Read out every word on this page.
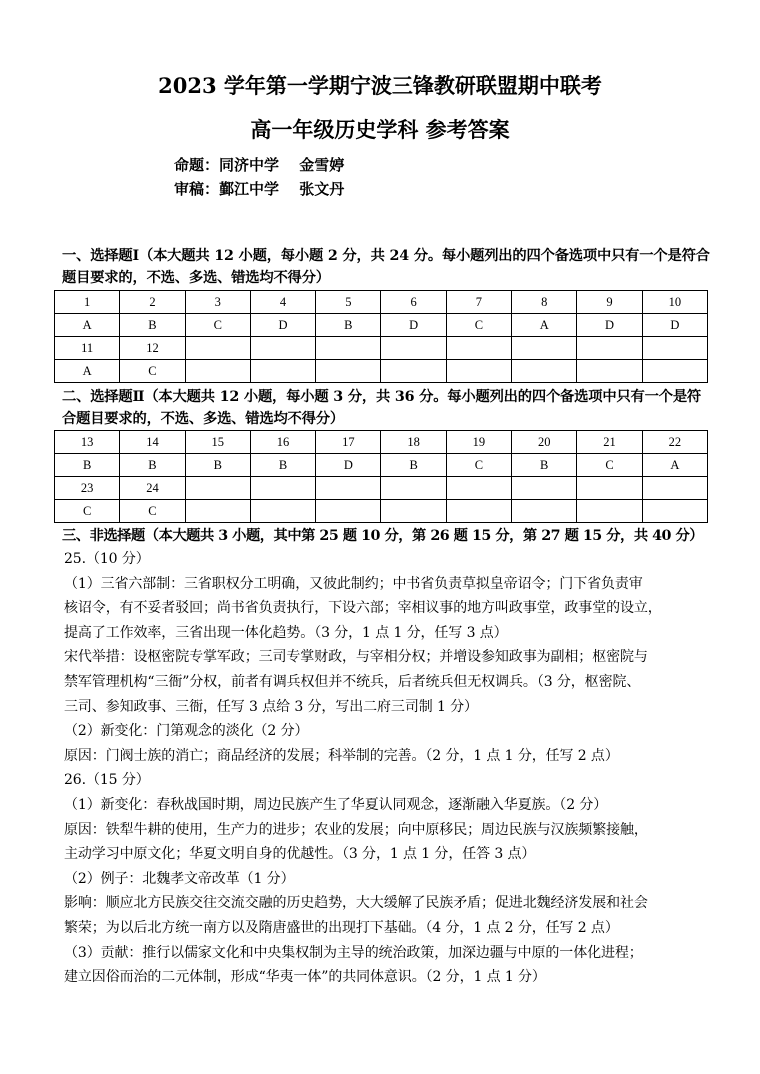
2023 学年第一学期宁波三锋教研联盟期中联考
高一年级历史学科 参考答案
命题：同济中学　 金雪婷
审稿：鄞江中学　 张文丹
一、选择题Ⅰ（本大题共 12 小题，每小题 2 分，共 24 分。每小题列出的四个备选项中只有一个是符合题目要求的，不选、多选、错选均不得分）
1	2	3	4	5	6	7	8	9	10
A	B	C	D	B	D	C	A	D	D
11	12								
A	C								
二、选择题Ⅱ（本大题共 12 小题，每小题 3 分，共 36 分。每小题列出的四个备选项中只有一个是符合题目要求的，不选、多选、错选均不得分）
13	14	15	16	17	18	19	20	21	22
B	B	B	B	D	B	C	B	C	A
23	24								
C	C								
三、非选择题（本大题共 3 小题，其中第 25 题 10 分，第 26 题 15 分，第 27 题 15 分，共 40 分）

25.（10 分）

（1）三省六部制：三省职权分工明确，又彼此制约；中书省负责草拟皇帝诏令；门下省负责审

核诏令，有不妥者驳回；尚书省负责执行，下设六部；宰相议事的地方叫政事堂，政事堂的设立，

提高了工作效率，三省出现一体化趋势。（3 分，1 点 1 分，任写 3 点）

宋代举措：设枢密院专掌军政；三司专掌财政，与宰相分权；并增设参知政事为副相；枢密院与

禁军管理机构“三衙”分权，前者有调兵权但并不统兵，后者统兵但无权调兵。（3 分，枢密院、

三司、参知政事、三衙，任写 3 点给 3 分，写出二府三司制 1 分）

（2）新变化：门第观念的淡化（2 分）

原因：门阀士族的消亡；商品经济的发展；科举制的完善。（2 分，1 点 1 分，任写 2 点）

26.（15 分）

（1）新变化：春秋战国时期，周边民族产生了华夏认同观念，逐渐融入华夏族。（2 分）

原因：铁犁牛耕的使用，生产力的进步；农业的发展；向中原移民；周边民族与汉族频繁接触，

主动学习中原文化；华夏文明自身的优越性。（3 分，1 点 1 分，任答 3 点）

（2）例子：北魏孝文帝改革（1 分）

影响：顺应北方民族交往交流交融的历史趋势，大大缓解了民族矛盾；促进北魏经济发展和社会

繁荣；为以后北方统一南方以及隋唐盛世的出现打下基础。（4 分，1 点 2 分，任写 2 点）

（3）贡献：推行以儒家文化和中央集权制为主导的统治政策，加深边疆与中原的一体化进程；

建立因俗而治的二元体制，形成“华夷一体”的共同体意识。（2 分，1 点 1 分）
